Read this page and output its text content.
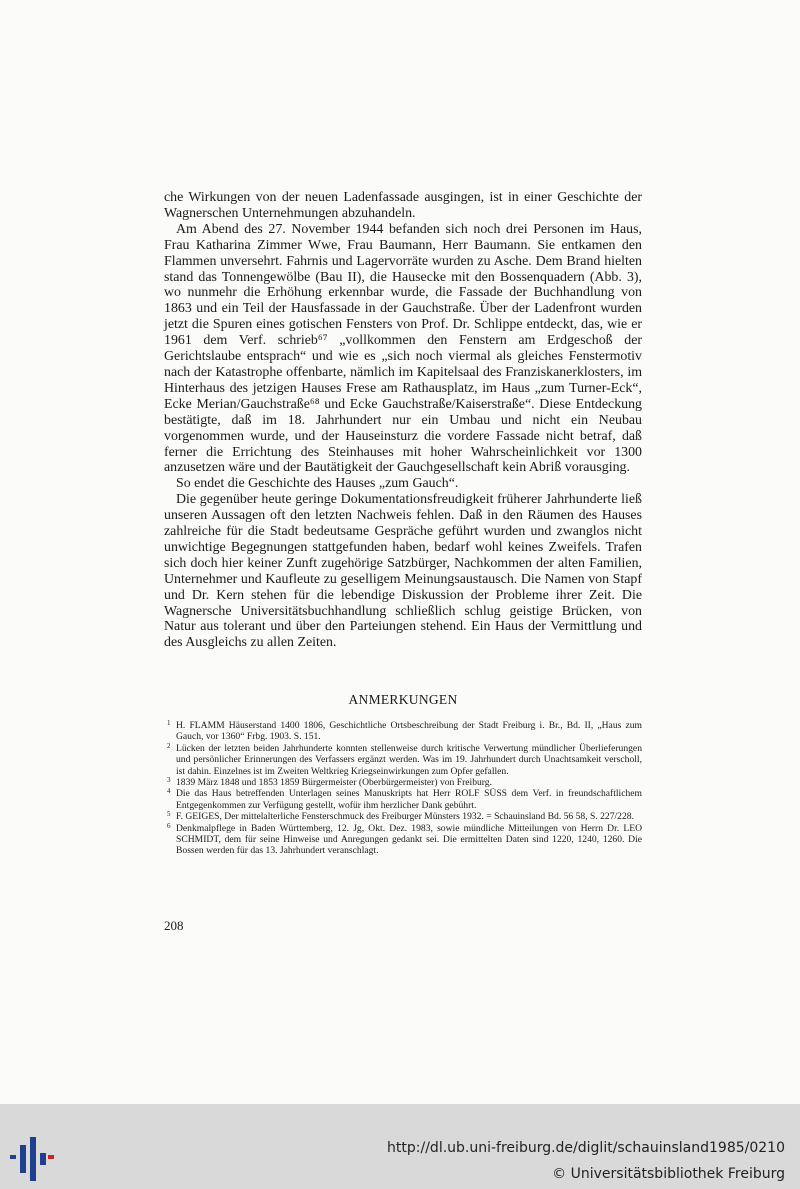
che Wirkungen von der neuen Ladenfassade ausgingen, ist in einer Geschichte der Wagnerschen Unternehmungen abzuhandeln.

Am Abend des 27. November 1944 befanden sich noch drei Personen im Haus, Frau Katharina Zimmer Wwe, Frau Baumann, Herr Baumann. Sie entkamen den Flammen unversehrt. Fahrnis und Lagervorräte wurden zu Asche. Dem Brand hielten stand das Tonnengewölbe (Bau II), die Hausecke mit den Bossenquadern (Abb. 3), wo nunmehr die Erhöhung erkennbar wurde, die Fassade der Buchhandlung von 1863 und ein Teil der Hausfassade in der Gauchstraße. Über der Ladenfront wurden jetzt die Spuren eines gotischen Fensters von Prof. Dr. Schlippe entdeckt, das, wie er 1961 dem Verf. schrieb⁶⁷ „vollkommen den Fenstern am Erdgeschoß der Gerichtslaube entsprach“ und wie es „sich noch viermal als gleiches Fenstermotiv nach der Katastrophe offenbarte, nämlich im Kapitelsaal des Franziskanerklosters, im Hinterhaus des jetzigen Hauses Frese am Rathausplatz, im Haus „zum Turner-Eck“, Ecke Merian/Gauchstraße⁶⁸ und Ecke Gauchstraße/Kaiserstraße“. Diese Entdeckung bestätigte, daß im 18. Jahrhundert nur ein Umbau und nicht ein Neubau vorgenommen wurde, und der Hauseinsturz die vordere Fassade nicht betraf, daß ferner die Errichtung des Steinhauses mit hoher Wahrscheinlichkeit vor 1300 anzusetzen wäre und der Bautätigkeit der Gauchgesellschaft kein Abriß vorausging.

So endet die Geschichte des Hauses „zum Gauch“.

Die gegenüber heute geringe Dokumentationsfreudigkeit früherer Jahrhunderte ließ unseren Aussagen oft den letzten Nachweis fehlen. Daß in den Räumen des Hauses zahlreiche für die Stadt bedeutsame Gespräche geführt wurden und zwanglos nicht unwichtige Begegnungen stattgefunden haben, bedarf wohl keines Zweifels. Trafen sich doch hier keiner Zunft zugehörige Satzbürger, Nachkommen der alten Familien, Unternehmer und Kaufleute zu geselligem Meinungsaustausch. Die Namen von Stapf und Dr. Kern stehen für die lebendige Diskussion der Probleme ihrer Zeit. Die Wagnersche Universitätsbuchhandlung schließlich schlug geistige Brücken, von Natur aus tolerant und über den Parteiungen stehend. Ein Haus der Vermittlung und des Ausgleichs zu allen Zeiten.

ANMERKUNGEN

1 H. FLAMM Häuserstand 1400 1806, Geschichtliche Ortsbeschreibung der Stadt Freiburg i. Br., Bd. II, „Haus zum Gauch, vor 1360“ Frbg. 1903. S. 151.

2 Lücken der letzten beiden Jahrhunderte konnten stellenweise durch kritische Verwertung mündlicher Überlieferungen und persönlicher Erinnerungen des Verfassers ergänzt werden. Was im 19. Jahrhundert durch Unachtsamkeit verscholl, ist dahin. Einzelnes ist im Zweiten Weltkrieg Kriegseinwirkungen zum Opfer gefallen.

3 1839 März 1848 und 1853 1859 Bürgermeister (Oberbürgermeister) von Freiburg.

4 Die das Haus betreffenden Unterlagen seines Manuskripts hat Herr ROLF SÜSS dem Verf. in freundschaftlichem Entgegenkommen zur Verfügung gestellt, wofür ihm herzlicher Dank gebührt.

5 F. GEIGES, Der mittelalterliche Fensterschmuck des Freiburger Münsters 1932. = Schauinsland Bd. 56 58, S. 227/228.

6 Denkmalpflege in Baden Württemberg, 12. Jg, Okt. Dez. 1983, sowie mündliche Mitteilungen von Herrn Dr. LEO SCHMIDT, dem für seine Hinweise und Anregungen gedankt sei. Die ermittelten Daten sind 1220, 1240, 1260. Die Bossen werden für das 13. Jahrhundert veranschlagt.

208
http://dl.ub.uni-freiburg.de/diglit/schauinsland1985/0210
© Universitätsbibliothek Freiburg
